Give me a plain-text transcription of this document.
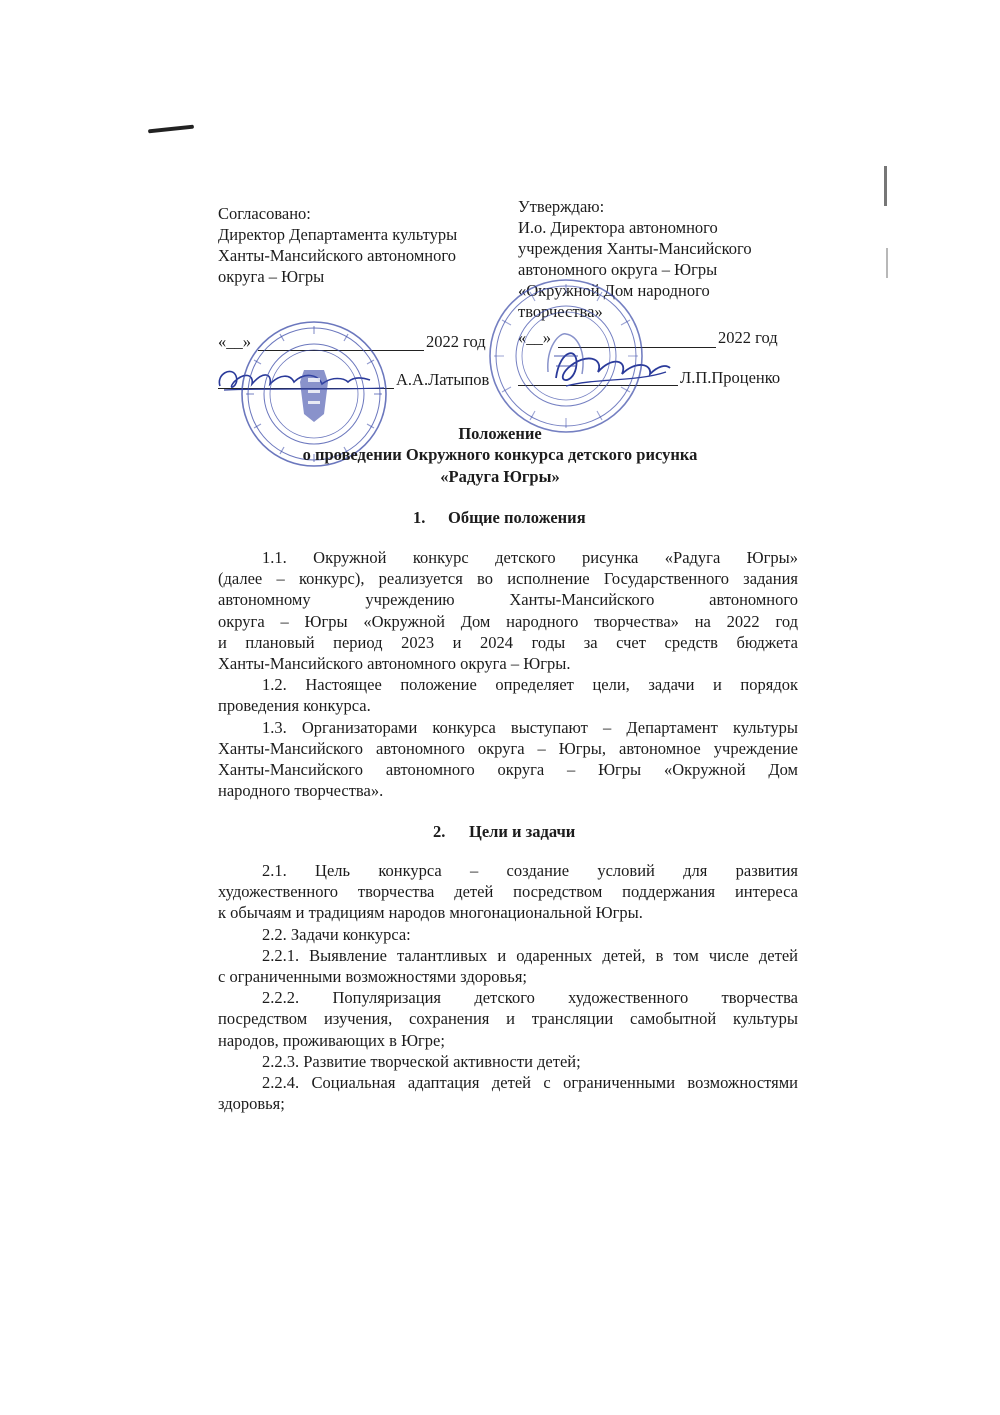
Согласовано:
Директор Департамента культуры
Ханты-Мансийского автономного
округа – Югры
Утверждаю:
И.о. Директора автономного
учреждения Ханты-Мансийского
автономного округа – Югры
«Окружной Дом народного
творчества»
«__»	2022 год «__»	2022 год
А.А.Латыпов	Л.П.Проценко
Положение
о проведении Окружного конкурса детского рисунка
«Радуга Югры»
1. Общие положения
1.1. Окружной конкурс детского рисунка «Радуга Югры»
(далее – конкурс), реализуется во исполнение Государственного задания
автономному учреждению Ханты-Мансийского автономного
округа – Югры «Окружной Дом народного творчества» на 2022 год
и плановый период 2023 и 2024 годы за счет средств бюджета
Ханты-Мансийского автономного округа – Югры.
1.2. Настоящее положение определяет цели, задачи и порядок
проведения конкурса.
1.3. Организаторами конкурса выступают – Департамент культуры
Ханты-Мансийского автономного округа – Югры, автономное учреждение
Ханты-Мансийского автономного округа – Югры «Окружной Дом
народного творчества».
2. Цели и задачи
2.1. Цель конкурса – создание условий для развития
художественного творчества детей посредством поддержания интереса
к обычаям и традициям народов многонациональной Югры.
2.2. Задачи конкурса:
2.2.1. Выявление талантливых и одаренных детей, в том числе детей
с ограниченными возможностями здоровья;
2.2.2. Популяризация детского художественного творчества
посредством изучения, сохранения и трансляции самобытной культуры
народов, проживающих в Югре;
2.2.3. Развитие творческой активности детей;
2.2.4. Социальная адаптация детей с ограниченными возможностями
здоровья;
